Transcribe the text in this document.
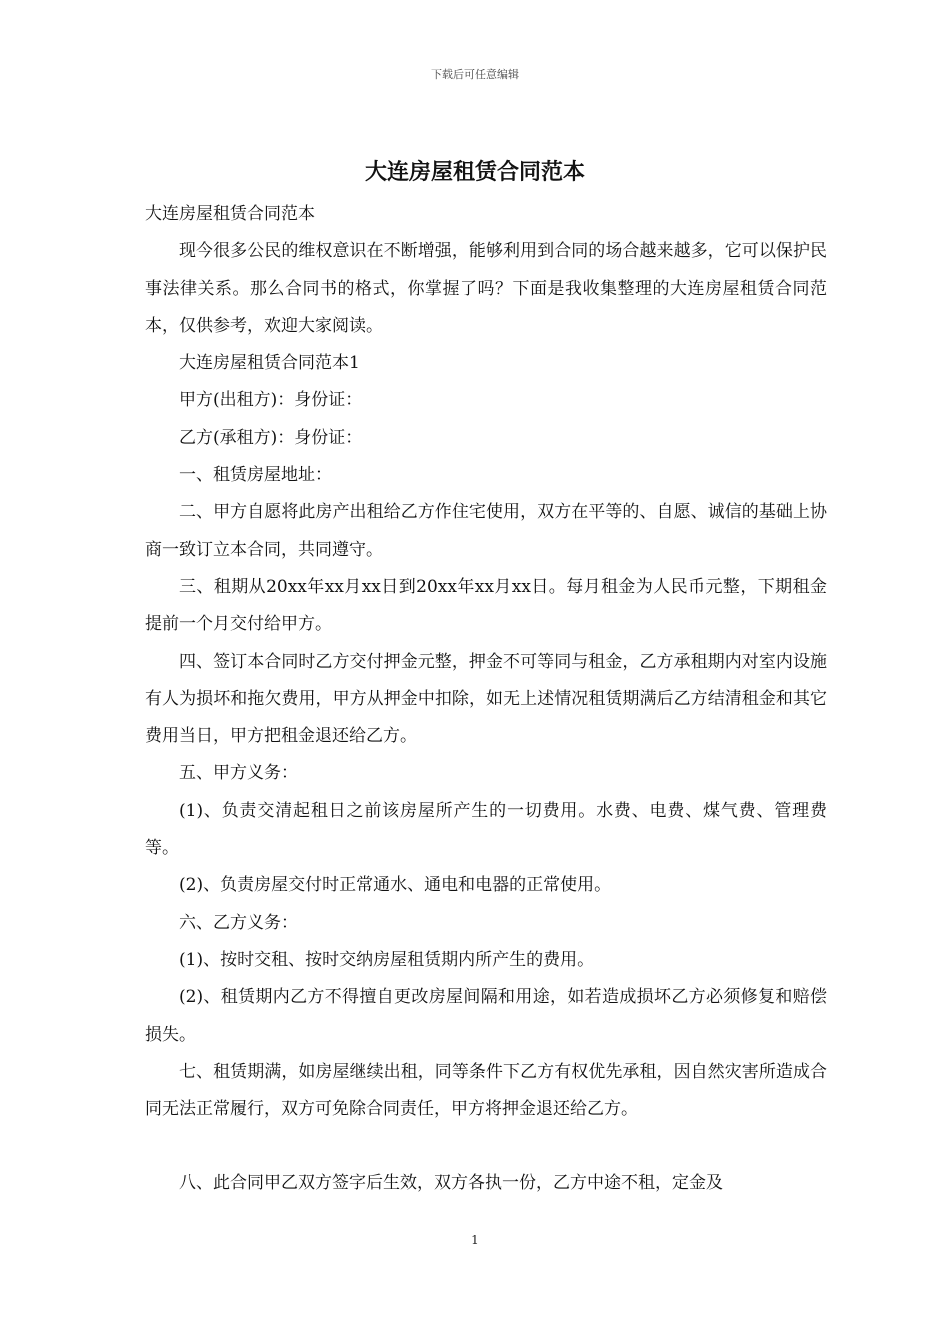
下载后可任意编辑
大连房屋租赁合同范本

大连房屋租赁合同范本

现今很多公民的维权意识在不断增强，能够利用到合同的场合越来越多，它可以保护民事法律关系。那么合同书的格式，你掌握了吗？下面是我收集整理的大连房屋租赁合同范本，仅供参考，欢迎大家阅读。

大连房屋租赁合同范本1

甲方(出租方)：身份证：

乙方(承租方)：身份证：

一、租赁房屋地址：

二、甲方自愿将此房产出租给乙方作住宅使用，双方在平等的、自愿、诚信的基础上协商一致订立本合同，共同遵守。

三、租期从20xx年xx月xx日到20xx年xx月xx日。每月租金为人民币元整，下期租金提前一个月交付给甲方。

四、签订本合同时乙方交付押金元整，押金不可等同与租金，乙方承租期内对室内设施有人为损坏和拖欠费用，甲方从押金中扣除，如无上述情况租赁期满后乙方结清租金和其它费用当日，甲方把租金退还给乙方。

五、甲方义务：

(1)、负责交清起租日之前该房屋所产生的一切费用。水费、电费、煤气费、管理费等。

(2)、负责房屋交付时正常通水、通电和电器的正常使用。

六、乙方义务：

(1)、按时交租、按时交纳房屋租赁期内所产生的费用。

(2)、租赁期内乙方不得擅自更改房屋间隔和用途，如若造成损坏乙方必须修复和赔偿损失。

七、租赁期满，如房屋继续出租，同等条件下乙方有权优先承租，因自然灾害所造成合同无法正常履行，双方可免除合同责任，甲方将押金退还给乙方。

八、此合同甲乙双方签字后生效，双方各执一份，乙方中途不租，定金及

1
